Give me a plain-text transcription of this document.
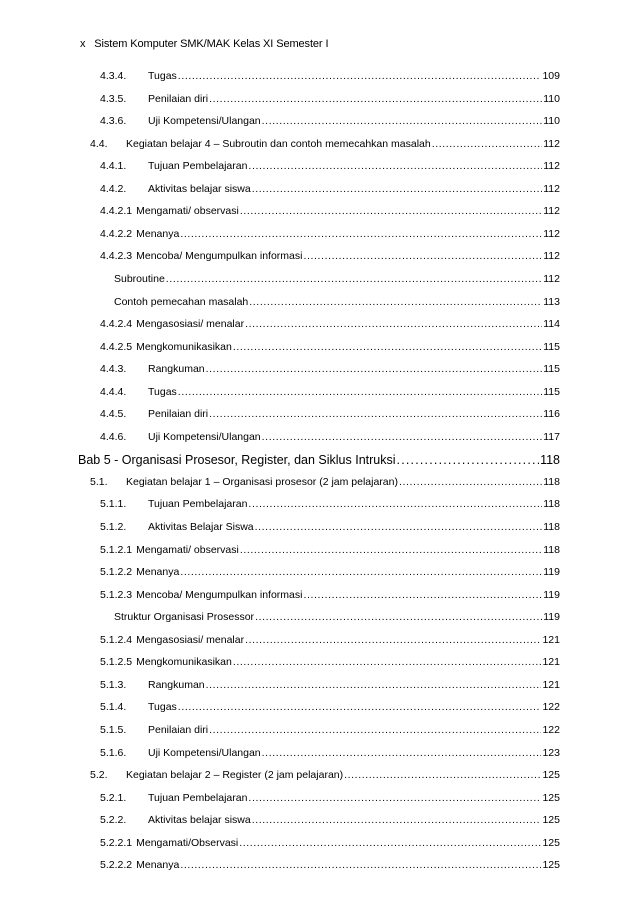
x Sistem Komputer SMK/MAK Kelas XI Semester I
4.3.4.	Tugas .....	109
4.3.5.	Penilaian diri .....	110
4.3.6.	Uji Kompetensi/Ulangan .....	110
4.4.	Kegiatan belajar 4 – Subroutin dan contoh memecahkan masalah .....	112
4.4.1.	Tujuan Pembelajaran .....	112
4.4.2.	Aktivitas belajar siswa .....	112
4.4.2.1 Mengamati/ observasi .....	112
4.4.2.2 Menanya .....	112
4.4.2.3 Mencoba/ Mengumpulkan informasi .....	112
Subroutine .....	112
Contoh pemecahan masalah .....	113
4.4.2.4 Mengasosiasi/ menalar .....	114
4.4.2.5 Mengkomunikasikan .....	115
4.4.3.	Rangkuman .....	115
4.4.4.	Tugas .....	115
4.4.5.	Penilaian diri .....	116
4.4.6.	Uji Kompetensi/Ulangan .....	117
Bab 5 - Organisasi Prosesor, Register, dan Siklus Intruksi .....	118
5.1.	Kegiatan belajar 1 – Organisasi prosesor (2 jam pelajaran) .....	118
5.1.1.	Tujuan Pembelajaran .....	118
5.1.2.	Aktivitas Belajar Siswa .....	118
5.1.2.1 Mengamati/ observasi .....	118
5.1.2.2 Menanya .....	119
5.1.2.3 Mencoba/ Mengumpulkan informasi .....	119
Struktur Organisasi Prosessor .....	119
5.1.2.4 Mengasosiasi/ menalar .....	121
5.1.2.5 Mengkomunikasikan .....	121
5.1.3.	Rangkuman .....	121
5.1.4.	Tugas .....	122
5.1.5.	Penilaian diri .....	122
5.1.6.	Uji Kompetensi/Ulangan .....	123
5.2.	Kegiatan belajar 2 – Register (2 jam pelajaran) .....	125
5.2.1.	Tujuan Pembelajaran .....	125
5.2.2.	Aktivitas belajar siswa .....	125
5.2.2.1 Mengamati/Observasi .....	125
5.2.2.2 Menanya .....	125
